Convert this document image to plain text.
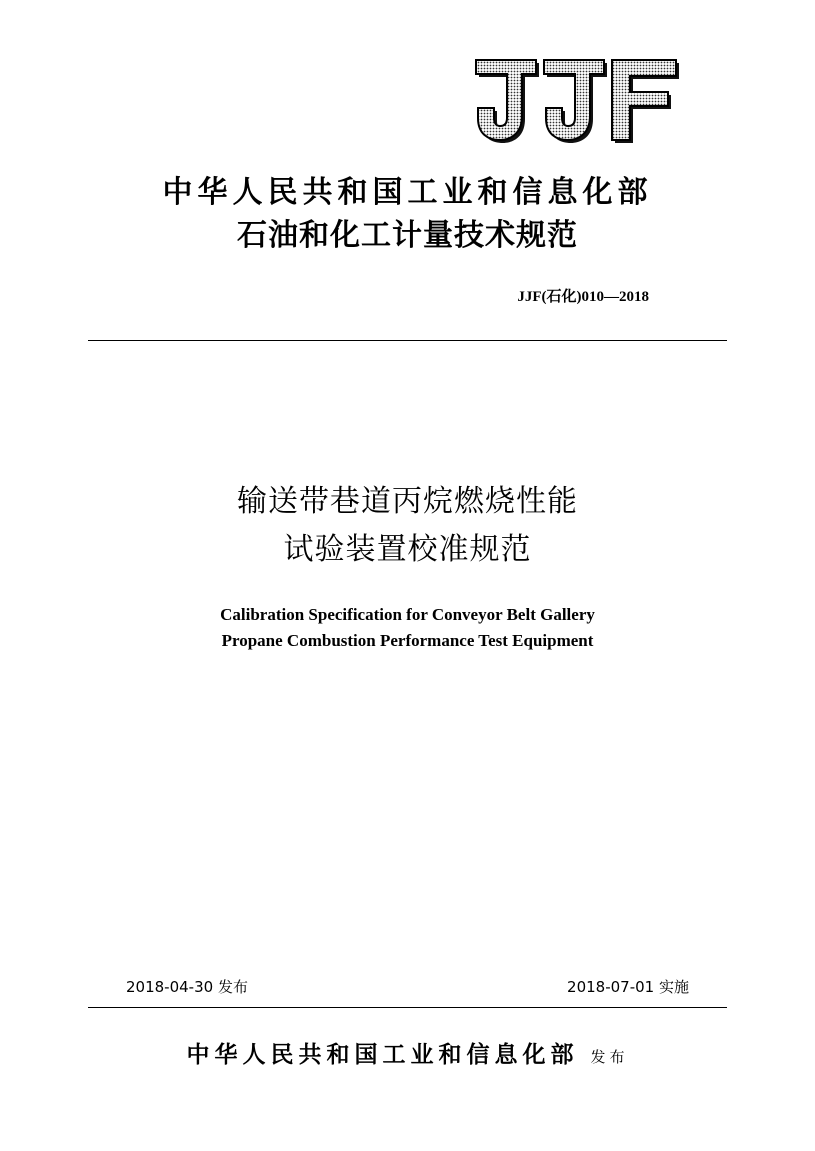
中华人民共和国工业和信息化部
石油和化工计量技术规范
JJF(石化)010—2018
输送带巷道丙烷燃烧性能
试验装置校准规范
Calibration Specification for Conveyor Belt Gallery
Propane Combustion Performance Test Equipment
2018-04-30 发布	2018-07-01 实施
中华人民共和国工业和信息化部 发布
